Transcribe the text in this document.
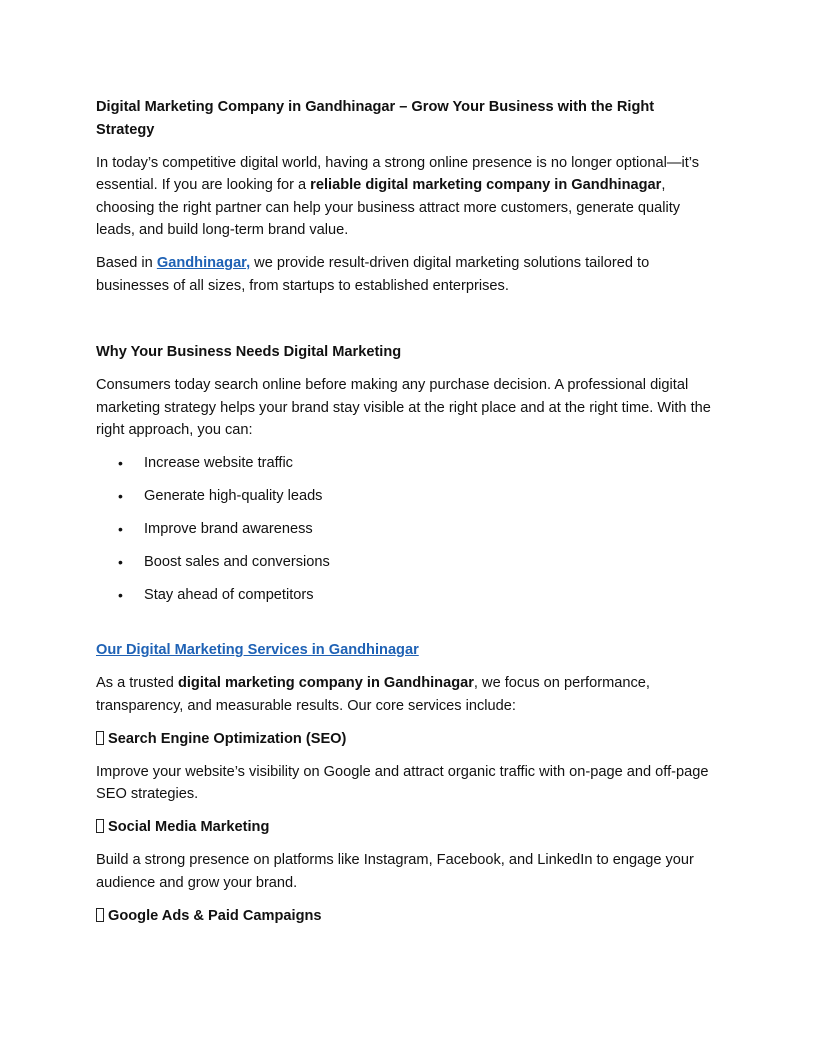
Digital Marketing Company in Gandhinagar – Grow Your Business with the Right Strategy

In today’s competitive digital world, having a strong online presence is no longer optional—it’s essential. If you are looking for a reliable digital marketing company in Gandhinagar, choosing the right partner can help your business attract more customers, generate quality leads, and build long-term brand value.

Based in Gandhinagar, we provide result-driven digital marketing solutions tailored to businesses of all sizes, from startups to established enterprises.

Why Your Business Needs Digital Marketing

Consumers today search online before making any purchase decision. A professional digital marketing strategy helps your brand stay visible at the right place and at the right time. With the right approach, you can:

• Increase website traffic
• Generate high-quality leads
• Improve brand awareness
• Boost sales and conversions
• Stay ahead of competitors
Our Digital Marketing Services in Gandhinagar

As a trusted digital marketing company in Gandhinagar, we focus on performance, transparency, and measurable results. Our core services include:

Search Engine Optimization (SEO)

Improve your website’s visibility on Google and attract organic traffic with on-page and off-page SEO strategies.

Social Media Marketing

Build a strong presence on platforms like Instagram, Facebook, and LinkedIn to engage your audience and grow your brand.

Google Ads & Paid Campaigns
